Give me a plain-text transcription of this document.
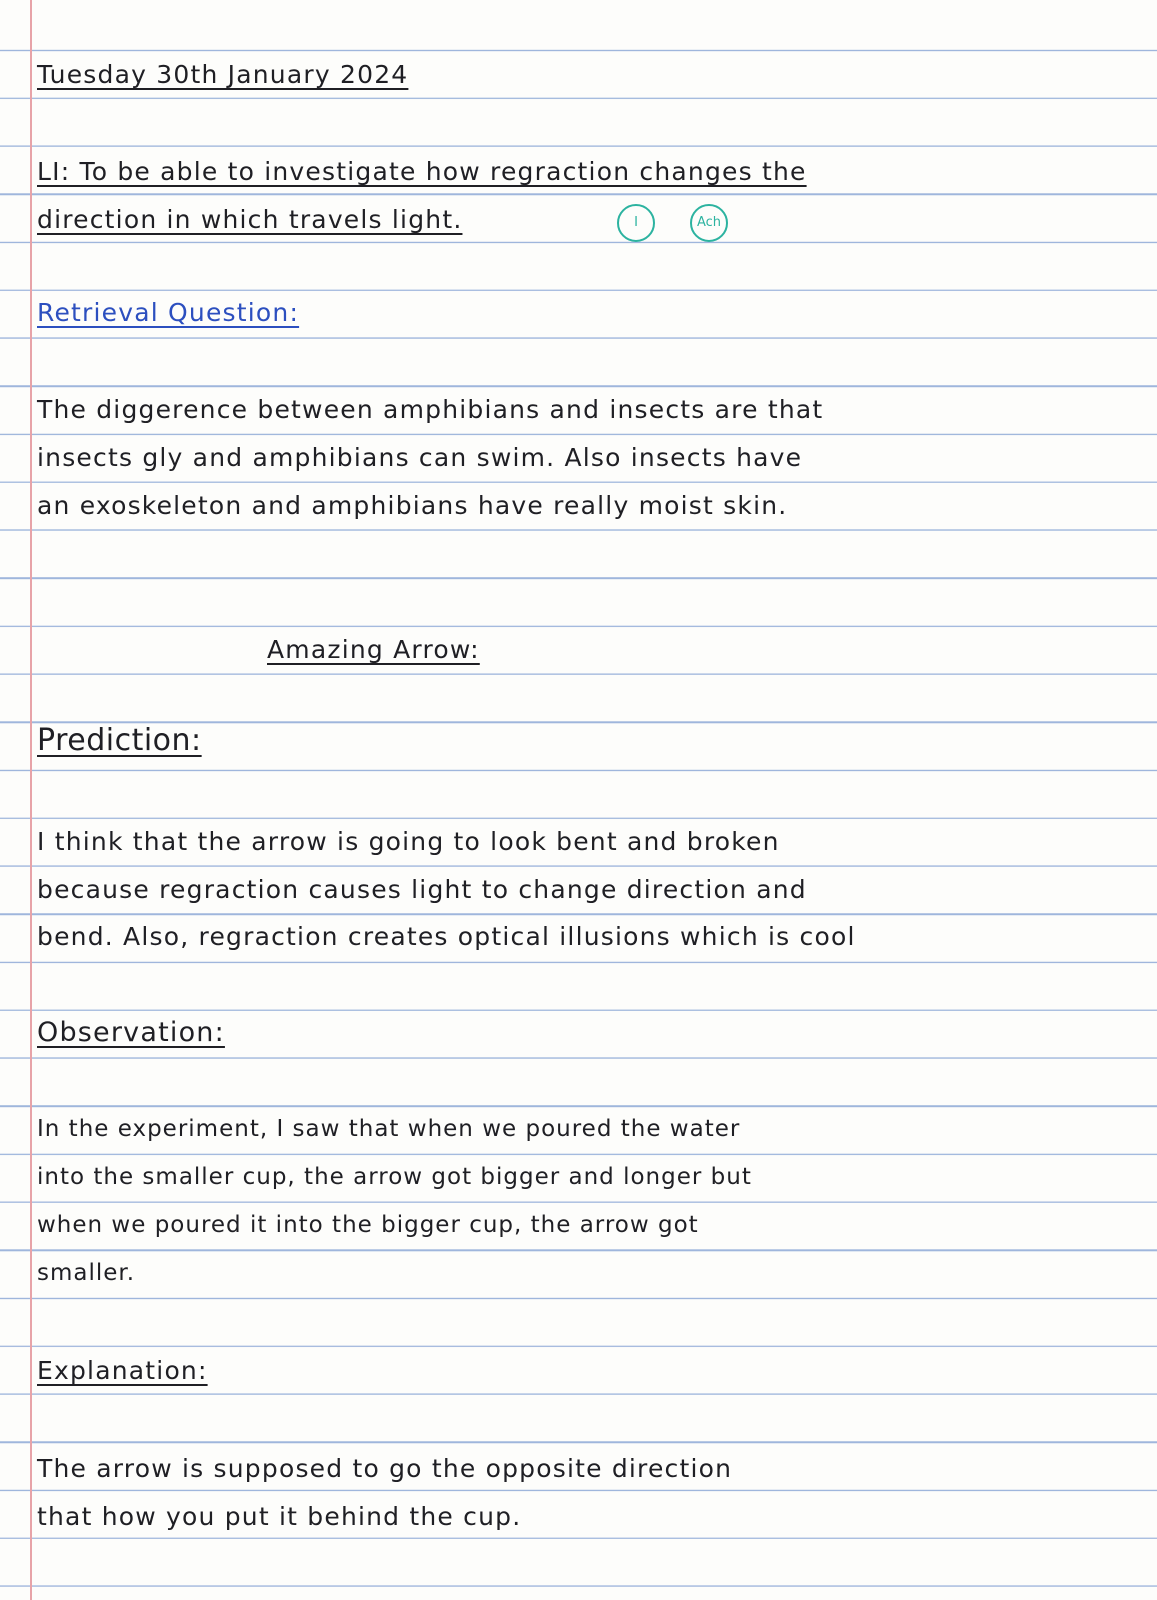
Tuesday 30th January 2024
LI: To be able to investigate how regraction changes the
direction in which travels light.	I	Ach
Retrieval Question:
The diggerence between amphibians and insects are that
insects gly and amphibians can swim. Also insects have
an exoskeleton and amphibians have really moist skin.
Amazing Arrow:
Prediction:
I think that the arrow is going to look bent and broken
because regraction causes light to change direction and
bend. Also, regraction creates optical illusions which is cool
Observation:
In the experiment, I saw that when we poured the water
into the smaller cup, the arrow got bigger and longer but
when we poured it into the bigger cup, the arrow got
smaller.
Explanation:
The arrow is supposed to go the opposite direction
that how you put it behind the cup.
